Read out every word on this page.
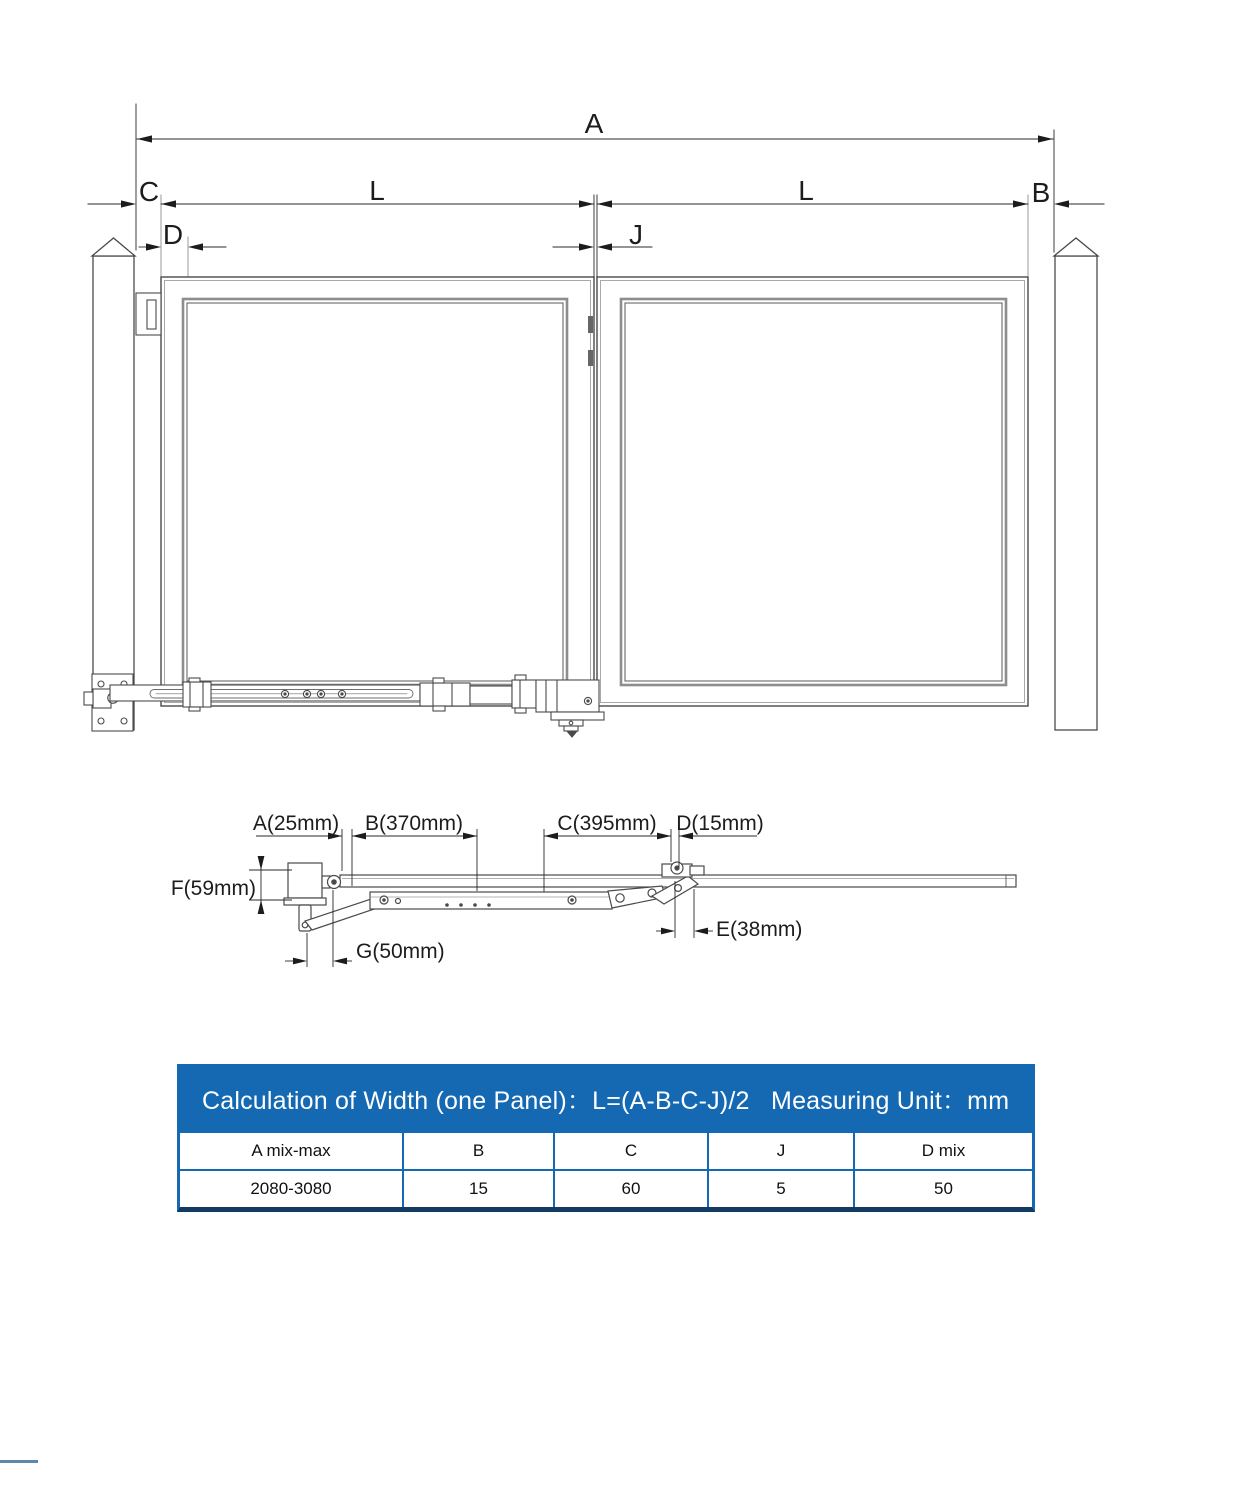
A
C	L	L	B
D	J
A(25mm) B(370mm)	C(395mm) D(15mm)
F(59mm)
G(50mm)
E(38mm)
Calculation of Width (one Panel)：L=(A-B-C-J)/2   Measuring Unit：mm
A mix-max	B	C	J	D mix
2080-3080	15	60	5	50
